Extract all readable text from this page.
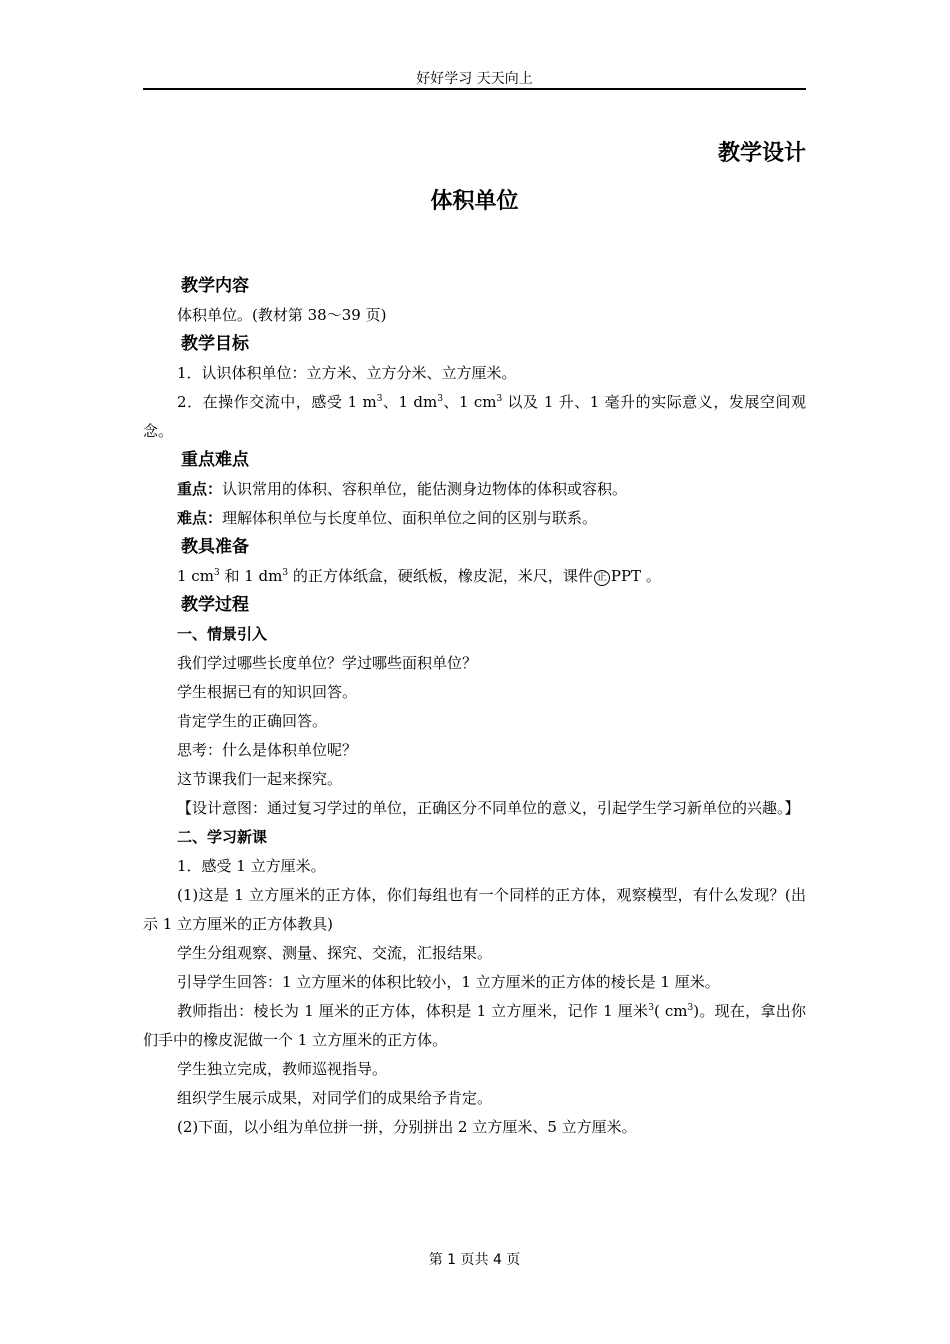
好好学习 天天向上
教学设计
体积单位
教学内容

体积单位。(教材第 38～39 页)

教学目标

1．认识体积单位：立方米、立方分米、立方厘米。

2．在操作交流中，感受 1 $m^3$、1 $dm^3$、1 $cm^3$ 以及 1 升、1 毫升的实际意义，发展空间观念。

重点难点

重点：认识常用的体积、容积单位，能估测身边物体的体积或容积。

难点：理解体积单位与长度单位、面积单位之间的区别与联系。

教具准备

1 $cm^3$ 和 1 $dm^3$ 的正方体纸盒，硬纸板，橡皮泥，米尺，课件 正 PPT 。

教学过程

一、情景引入

我们学过哪些长度单位？学过哪些面积单位？

学生根据已有的知识回答。

肯定学生的正确回答。

思考：什么是体积单位呢？

这节课我们一起来探究。

【设计意图：通过复习学过的单位，正确区分不同单位的意义，引起学生学习新单位的兴趣。】

二、学习新课

1．感受 1 立方厘米。

(1)这是 1 立方厘米的正方体，你们每组也有一个同样的正方体，观察模型，有什么发现？(出示 1 立方厘米的正方体教具)

学生分组观察、测量、探究、交流，汇报结果。

引导学生回答：1 立方厘米的体积比较小，1 立方厘米的正方体的棱长是 1 厘米。

教师指出：棱长为 1 厘米的正方体，体积是 1 立方厘米，记作 1 厘米$^3$( $cm^3$)。现在，拿出你们手中的橡皮泥做一个 1 立方厘米的正方体。

学生独立完成，教师巡视指导。

组织学生展示成果，对同学们的成果给予肯定。

(2)下面，以小组为单位拼一拼，分别拼出 2 立方厘米、5 立方厘米。

第 1 页共 4 页
